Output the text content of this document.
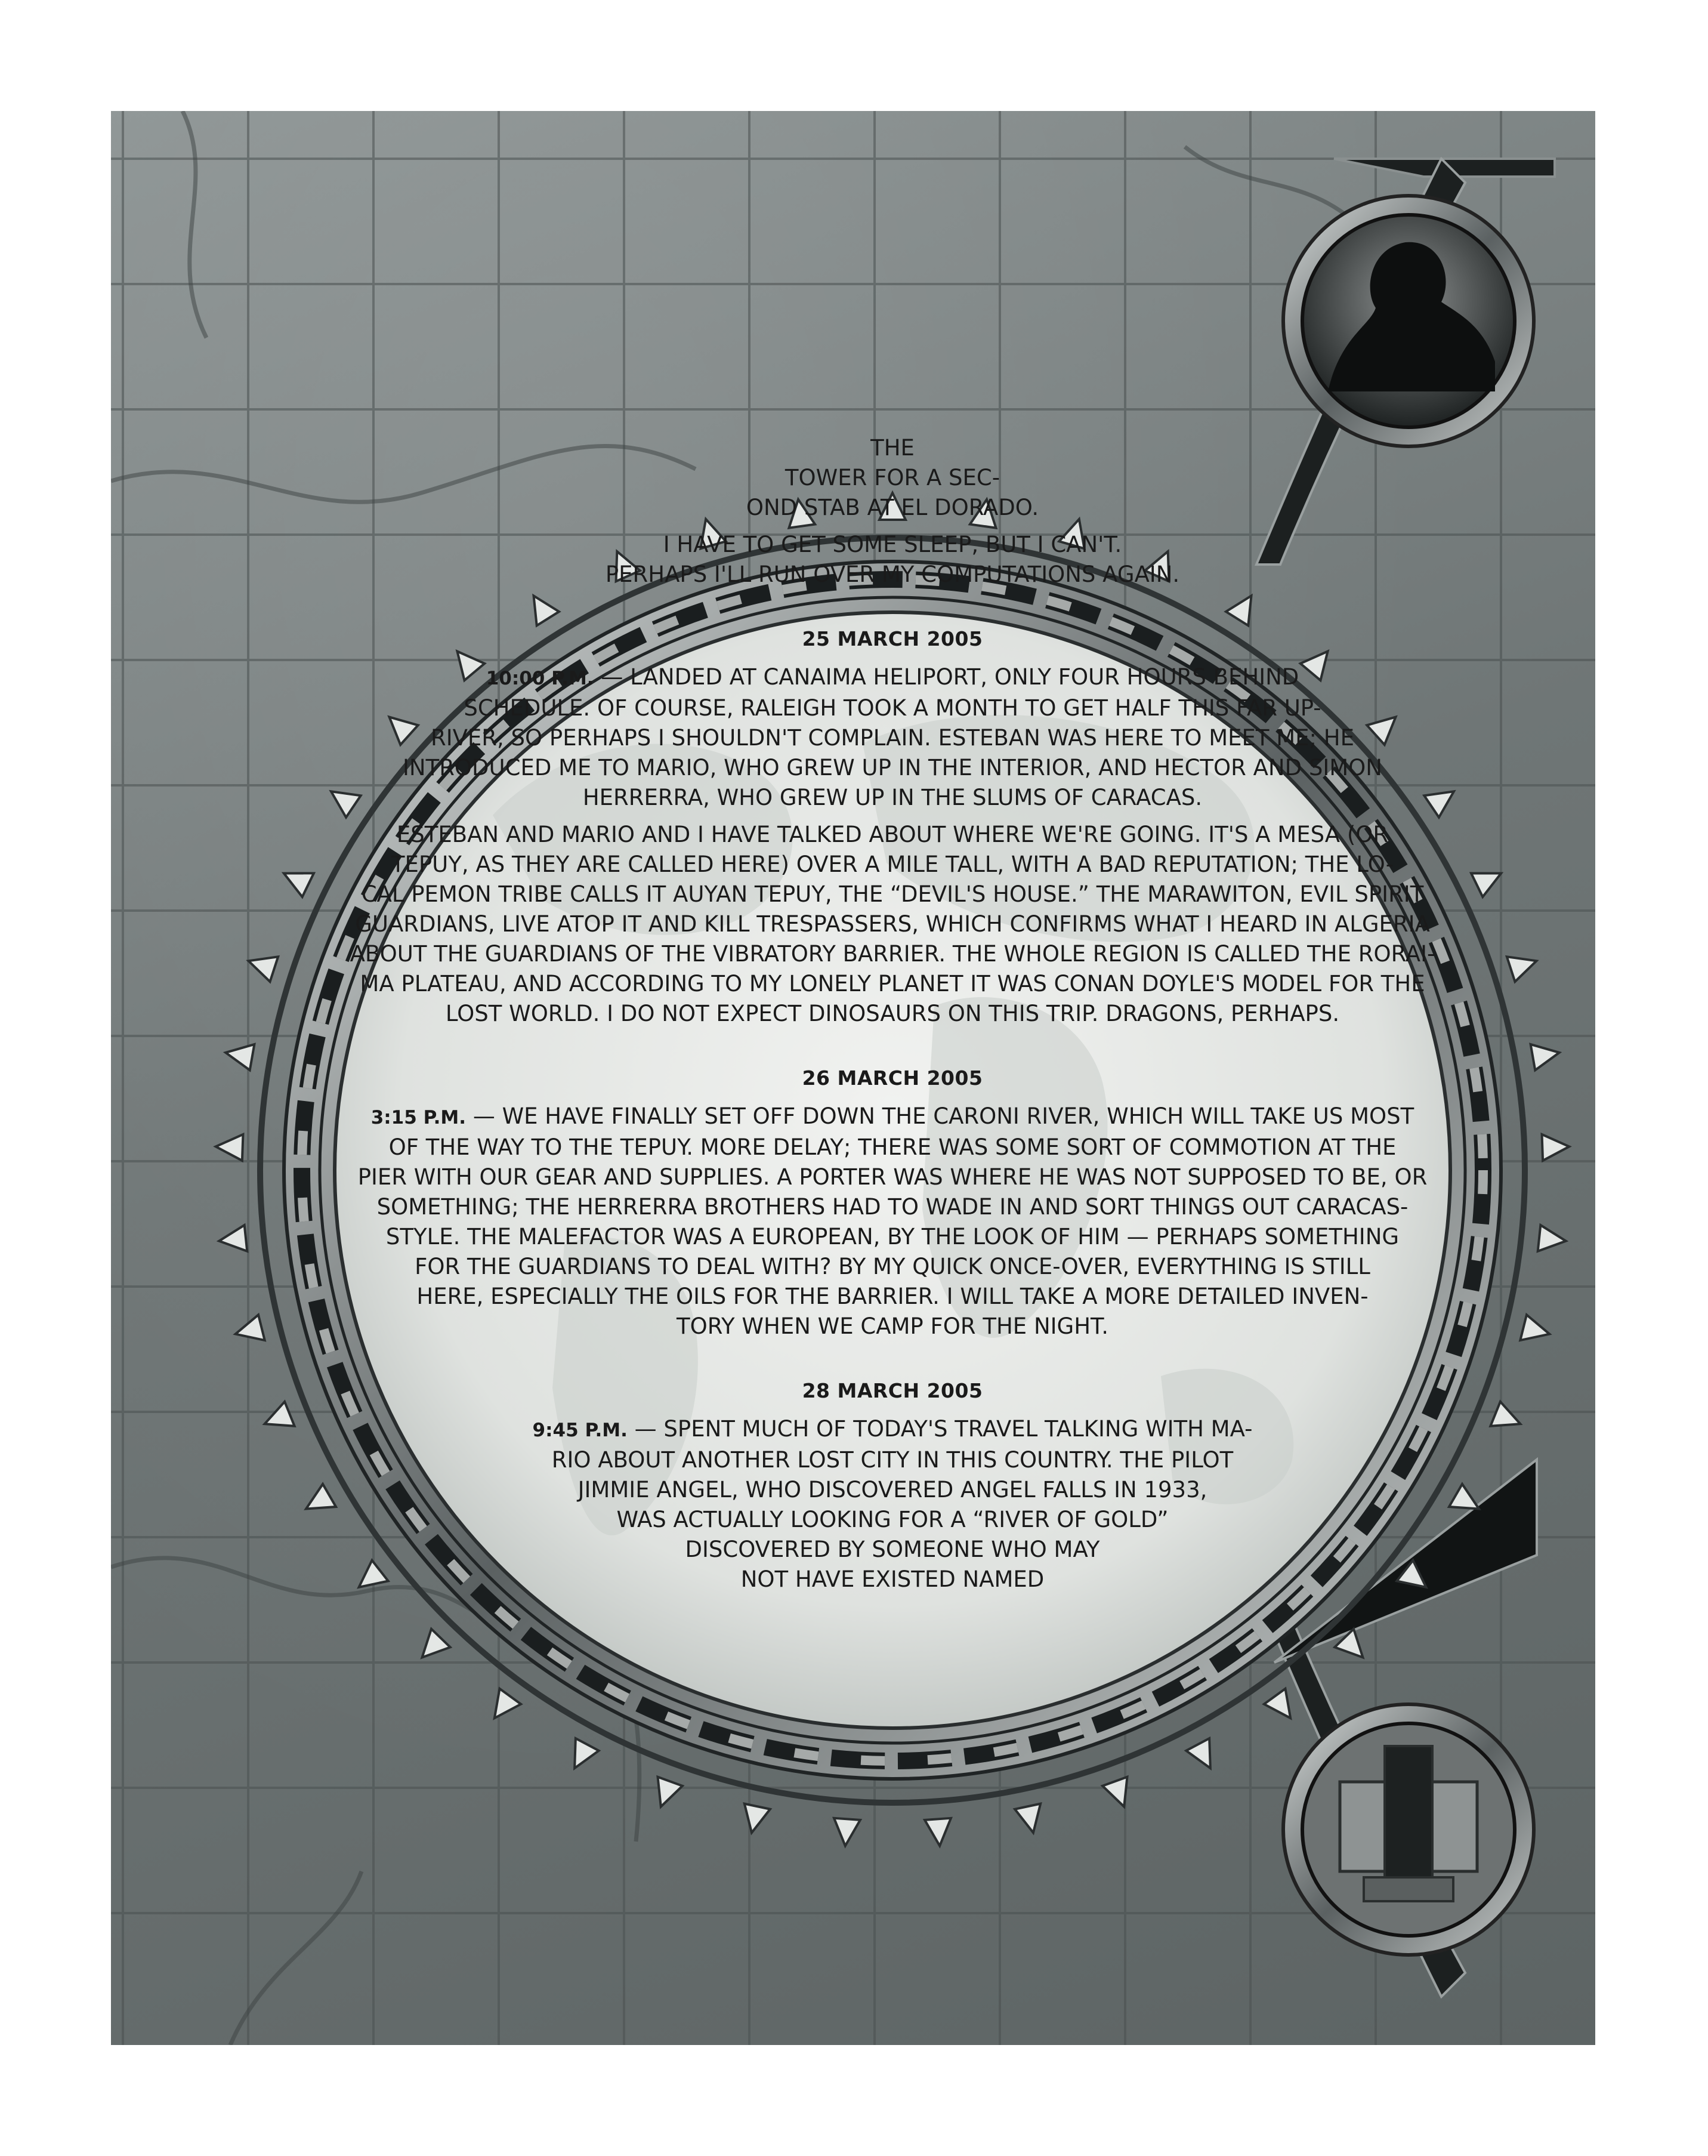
THE
TOWER FOR A SEC-
OND STAB AT EL DORADO.

I HAVE TO GET SOME SLEEP, BUT I CAN'T.
PERHAPS I'LL RUN OVER MY COMPUTATIONS AGAIN.

25 MARCH 2005

10:00 P.M. — LANDED AT CANAIMA HELIPORT, ONLY FOUR HOURS BEHIND
SCHEDULE. OF COURSE, RALEIGH TOOK A MONTH TO GET HALF THIS FAR UP-
RIVER, SO PERHAPS I SHOULDN'T COMPLAIN. ESTEBAN WAS HERE TO MEET ME; HE
INTRODUCED ME TO MARIO, WHO GREW UP IN THE INTERIOR, AND HECTOR AND SIMON
HERRERRA, WHO GREW UP IN THE SLUMS OF CARACAS.

ESTEBAN AND MARIO AND I HAVE TALKED ABOUT WHERE WE'RE GOING. IT'S A MESA (OR
TEPUY, AS THEY ARE CALLED HERE) OVER A MILE TALL, WITH A BAD REPUTATION; THE LO-
CAL PEMON TRIBE CALLS IT AUYAN TEPUY, THE “DEVIL'S HOUSE.” THE MARAWITON, EVIL SPIRIT
GUARDIANS, LIVE ATOP IT AND KILL TRESPASSERS, WHICH CONFIRMS WHAT I HEARD IN ALGERIA
ABOUT THE GUARDIANS OF THE VIBRATORY BARRIER. THE WHOLE REGION IS CALLED THE RORAI-
MA PLATEAU, AND ACCORDING TO MY LONELY PLANET IT WAS CONAN DOYLE'S MODEL FOR THE
LOST WORLD. I DO NOT EXPECT DINOSAURS ON THIS TRIP. DRAGONS, PERHAPS.

26 MARCH 2005

3:15 P.M. — WE HAVE FINALLY SET OFF DOWN THE CARONI RIVER, WHICH WILL TAKE US MOST
OF THE WAY TO THE TEPUY. MORE DELAY; THERE WAS SOME SORT OF COMMOTION AT THE
PIER WITH OUR GEAR AND SUPPLIES. A PORTER WAS WHERE HE WAS NOT SUPPOSED TO BE, OR
SOMETHING; THE HERRERRA BROTHERS HAD TO WADE IN AND SORT THINGS OUT CARACAS-
STYLE. THE MALEFACTOR WAS A EUROPEAN, BY THE LOOK OF HIM — PERHAPS SOMETHING
FOR THE GUARDIANS TO DEAL WITH? BY MY QUICK ONCE-OVER, EVERYTHING IS STILL
HERE, ESPECIALLY THE OILS FOR THE BARRIER. I WILL TAKE A MORE DETAILED INVEN-
TORY WHEN WE CAMP FOR THE NIGHT.

28 MARCH 2005

9:45 P.M. — SPENT MUCH OF TODAY'S TRAVEL TALKING WITH MA-
RIO ABOUT ANOTHER LOST CITY IN THIS COUNTRY. THE PILOT
JIMMIE ANGEL, WHO DISCOVERED ANGEL FALLS IN 1933,
WAS ACTUALLY LOOKING FOR A “RIVER OF GOLD”
DISCOVERED BY SOMEONE WHO MAY
NOT HAVE EXISTED NAMED
